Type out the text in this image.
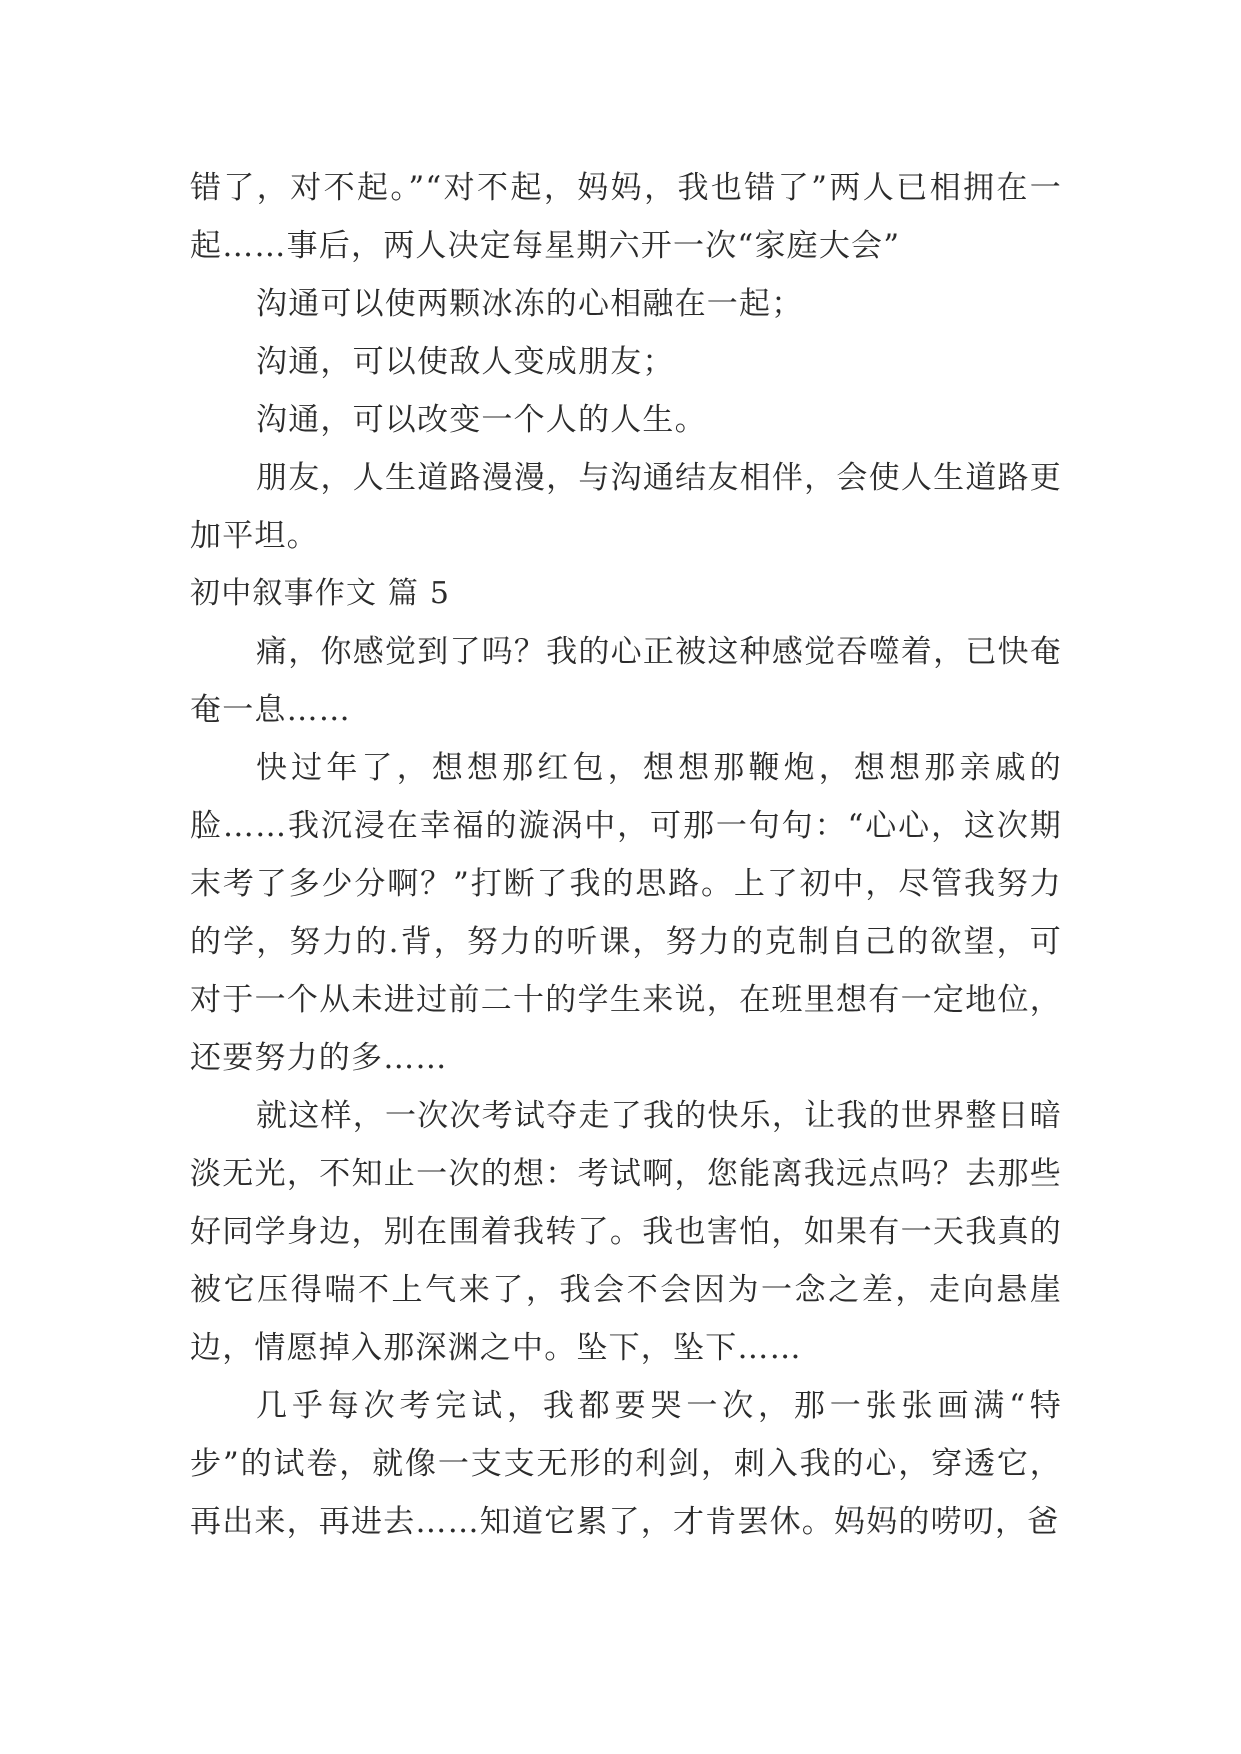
错了，对不起。”“对不起，妈妈，我也错了”两人已相拥在一起……事后，两人决定每星期六开一次“家庭大会”

沟通可以使两颗冰冻的心相融在一起；

沟通，可以使敌人变成朋友；

沟通，可以改变一个人的人生。

朋友，人生道路漫漫，与沟通结友相伴，会使人生道路更加平坦。

初中叙事作文 篇 5

痛，你感觉到了吗？我的心正被这种感觉吞噬着，已快奄奄一息……

快过年了，想想那红包，想想那鞭炮，想想那亲戚的脸……我沉浸在幸福的漩涡中，可那一句句：“心心，这次期末考了多少分啊？”打断了我的思路。上了初中，尽管我努力的学，努力的.背，努力的听课，努力的克制自己的欲望，可对于一个从未进过前二十的学生来说，在班里想有一定地位，还要努力的多……

就这样，一次次考试夺走了我的快乐，让我的世界整日暗淡无光，不知止一次的想：考试啊，您能离我远点吗？去那些好同学身边，别在围着我转了。我也害怕，如果有一天我真的被它压得喘不上气来了，我会不会因为一念之差，走向悬崖边，情愿掉入那深渊之中。坠下，坠下……

几乎每次考完试，我都要哭一次，那一张张画满“特步”的试卷，就像一支支无形的利剑，刺入我的心，穿透它，再出来，再进去……知道它累了，才肯罢休。妈妈的唠叨，爸
